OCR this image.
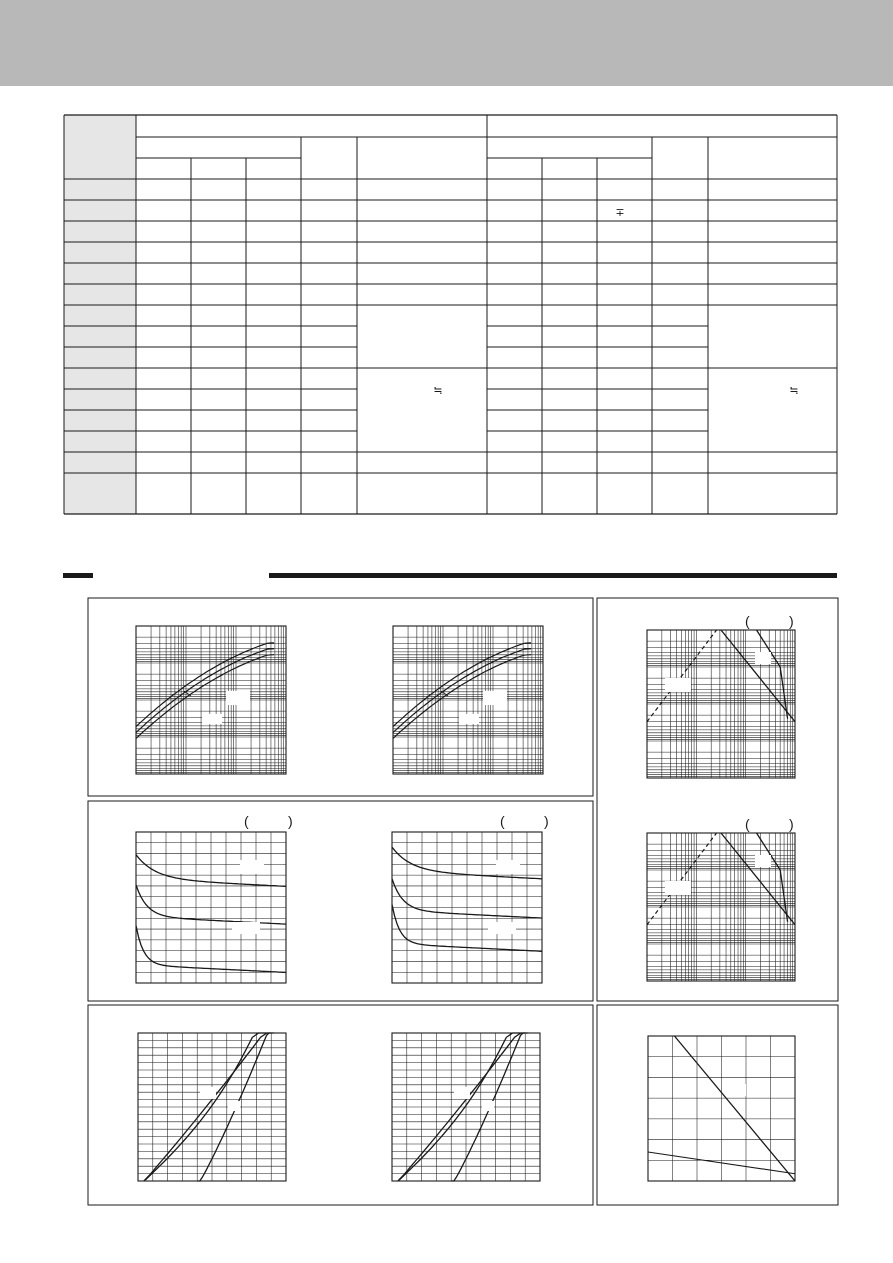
∓
≒	≒
(	)	(	)
(	)
(	)
